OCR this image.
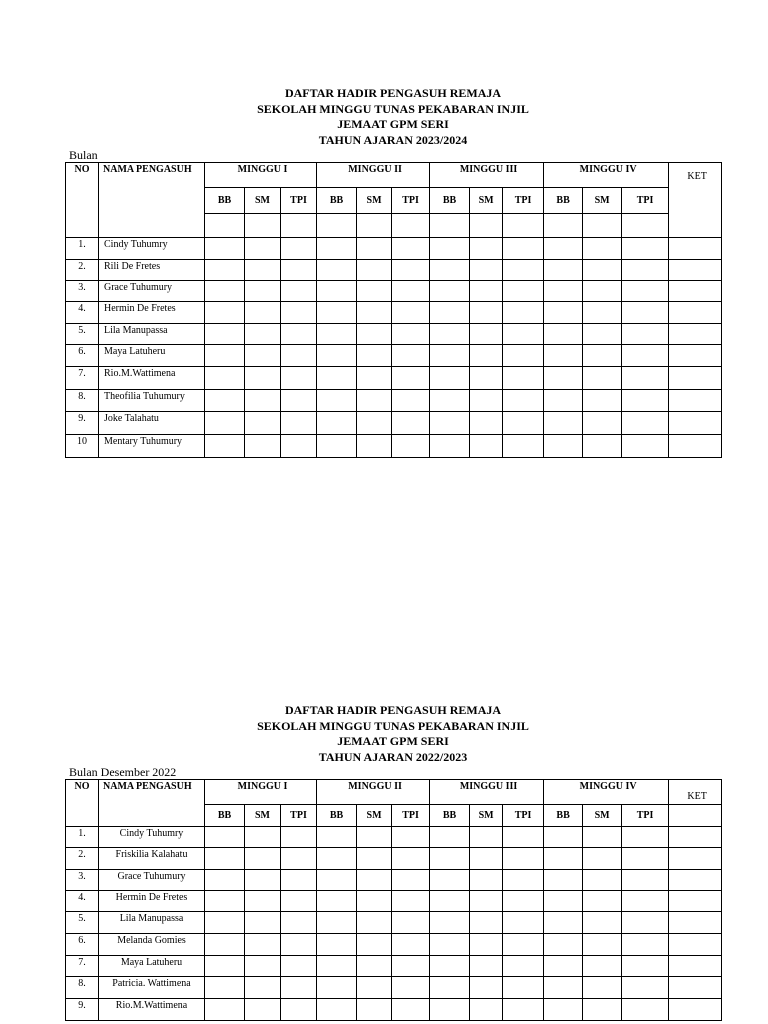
DAFTAR HADIR PENGASUH REMAJA
SEKOLAH MINGGU TUNAS PEKABARAN INJIL
JEMAAT GPM SERI
TAHUN AJARAN 2023/2024
Bulan
NO	NAMA PENGASUH	MINGGU I			MINGGU II			MINGGU III			MINGGU IV			KET
		BB	SM	TPI	BB	SM	TPI	BB	SM	TPI	BB	SM	TPI	

1.	Cindy Tuhumry													
2.	Rili De Fretes													
3.	Grace Tuhumury													
4.	Hermin De Fretes													
5.	Lila Manupassa													
6.	Maya Latuheru													
7.	Rio.M.Wattimena													
8.	Theofilia Tuhumury													
9.	Joke Talahatu													
10	Mentary Tuhumury													
DAFTAR HADIR PENGASUH REMAJA
SEKOLAH MINGGU TUNAS PEKABARAN INJIL
JEMAAT GPM SERI
TAHUN AJARAN 2022/2023
Bulan Desember 2022
NO	NAMA PENGASUH	MINGGU I			MINGGU II			MINGGU III			MINGGU IV			KET
		BB	SM	TPI	BB	SM	TPI	BB	SM	TPI	BB	SM	TPI	
1.	Cindy Tuhumry													
2.	Friskilia Kalahatu													
3.	Grace Tuhumury													
4.	Hermin De Fretes													
5.	Lila Manupassa													
6.	Melanda Gomies													
7.	Maya Latuheru													
8.	Patricia. Wattimena													
9.	Rio.M.Wattimena													
